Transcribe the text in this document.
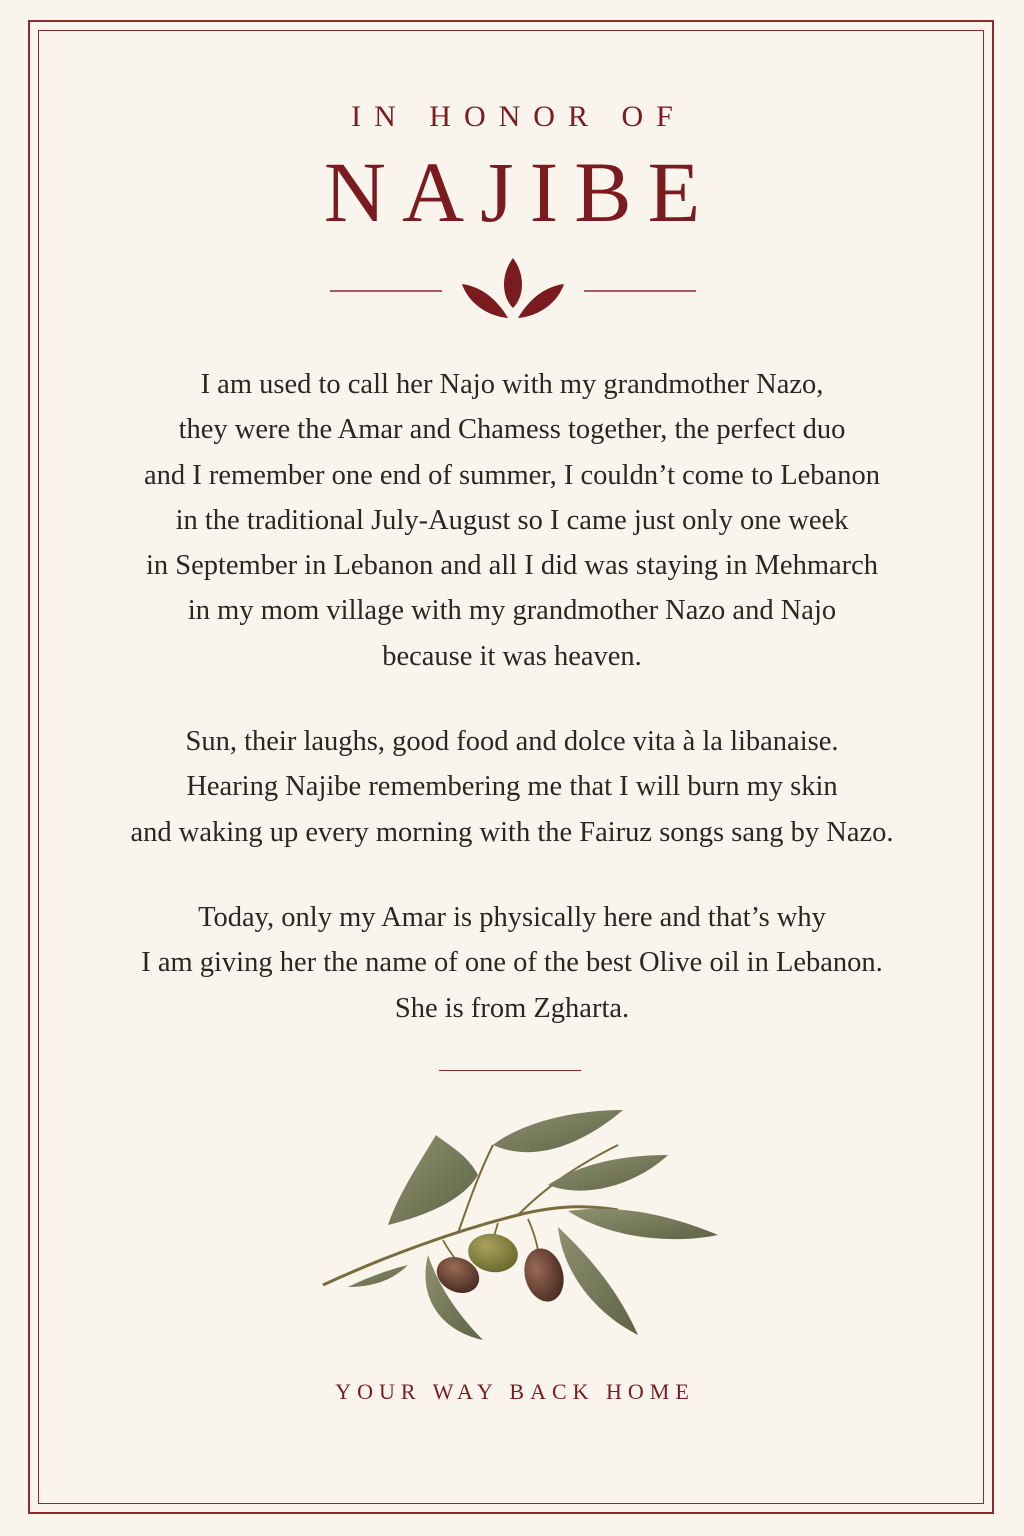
IN HONOR OF
NAJIBE

I am used to call her Najo with my grandmother Nazo,
they were the Amar and Chamess together, the perfect duo
and I remember one end of summer, I couldn’t come to Lebanon
in the traditional July-August so I came just only one week
in September in Lebanon and all I did was staying in Mehmarch
in my mom village with my grandmother Nazo and Najo
because it was heaven.

Sun, their laughs, good food and dolce vita à la libanaise.
Hearing Najibe remembering me that I will burn my skin
and waking up every morning with the Fairuz songs sang by Nazo.

Today, only my Amar is physically here and that’s why
I am giving her the name of one of the best Olive oil in Lebanon.
She is from Zgharta.

YOUR WAY BACK HOME
